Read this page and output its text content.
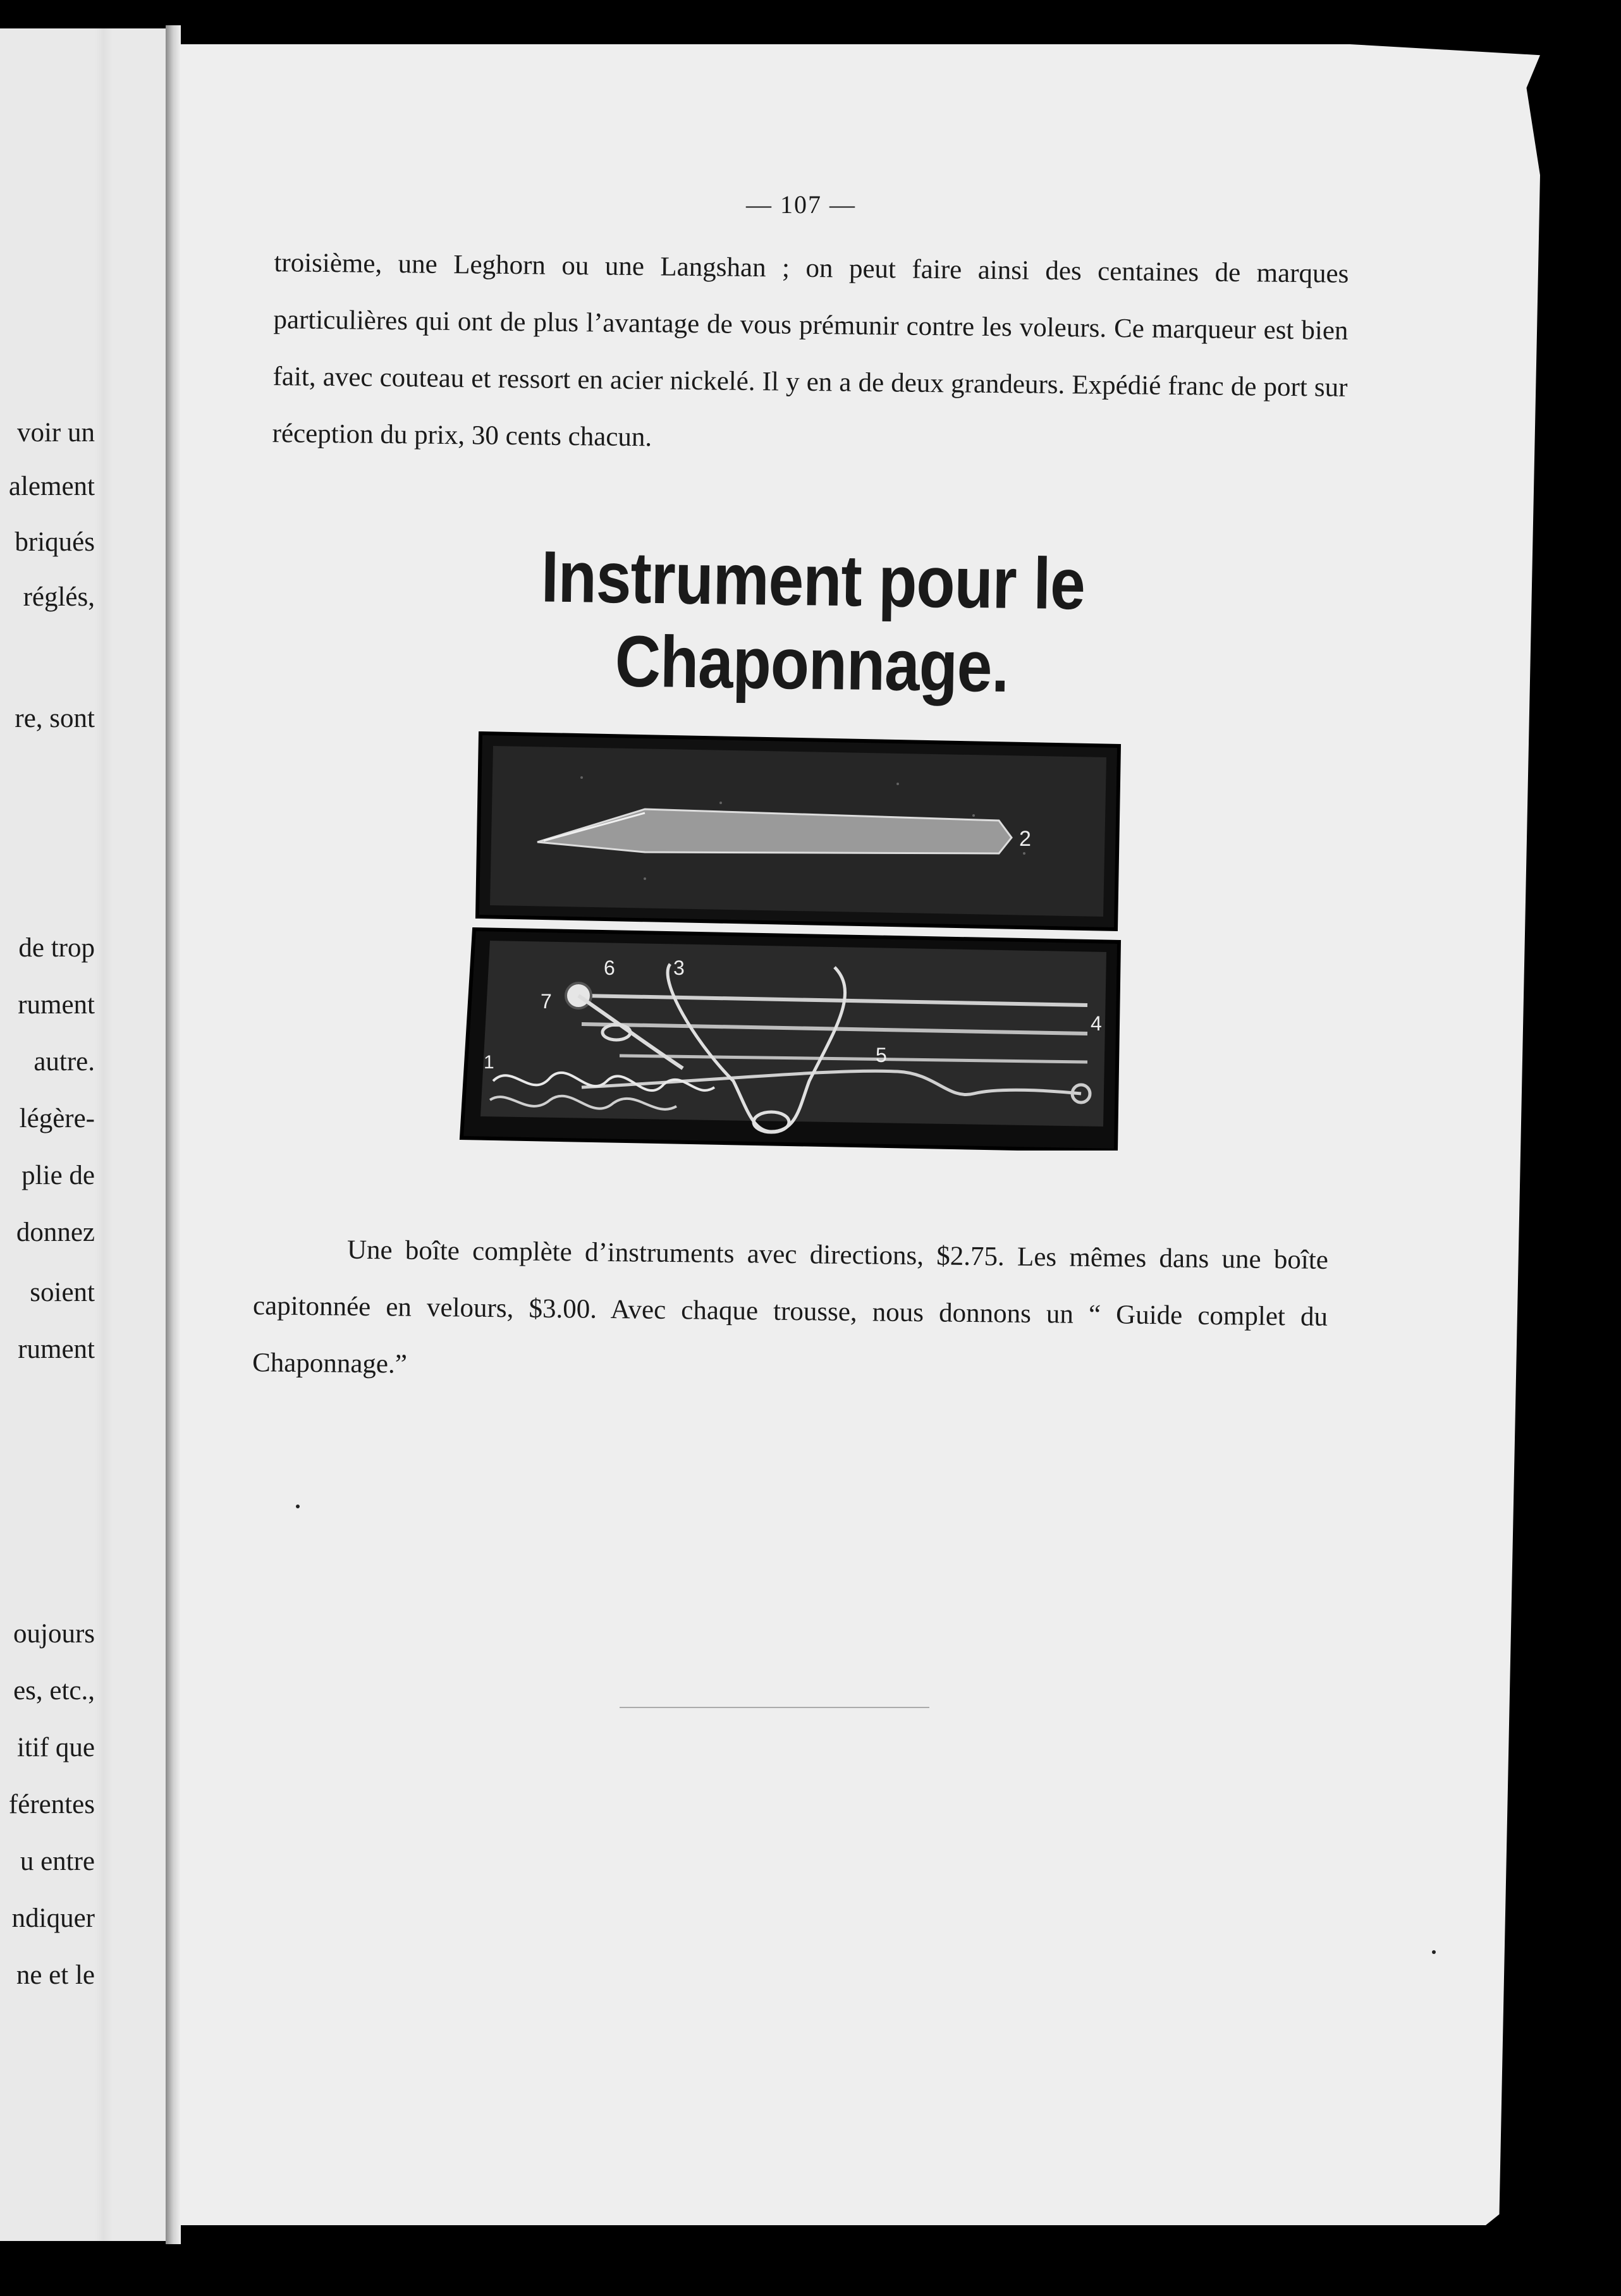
voir un
alement
briqués
réglés,
re, sont
de trop
rument
autre.
légère-
plie de
donnez
soient
rument
oujours
es, etc.,
itif que
férentes
u entre
ndiquer
ne et le
— 107 —
troisième, une Leghorn ou une Langshan ; on peut faire ainsi des centaines de marques particulières qui ont de plus l’avantage de vous prémunir contre les voleurs. Ce marqueur est bien fait, avec couteau et ressort en acier nickelé. Il y en a de deux grandeurs. Expédié franc de port sur réception du prix, 30 cents chacun.
Instrument pour le Chaponnage.
2
1
3
4
5
6
7
Une boîte complète d’instruments avec directions, $2.75. Les mêmes dans une boîte capitonnée en velours, $3.00. Avec chaque trousse, nous donnons un “ Guide complet du Chaponnage.”
